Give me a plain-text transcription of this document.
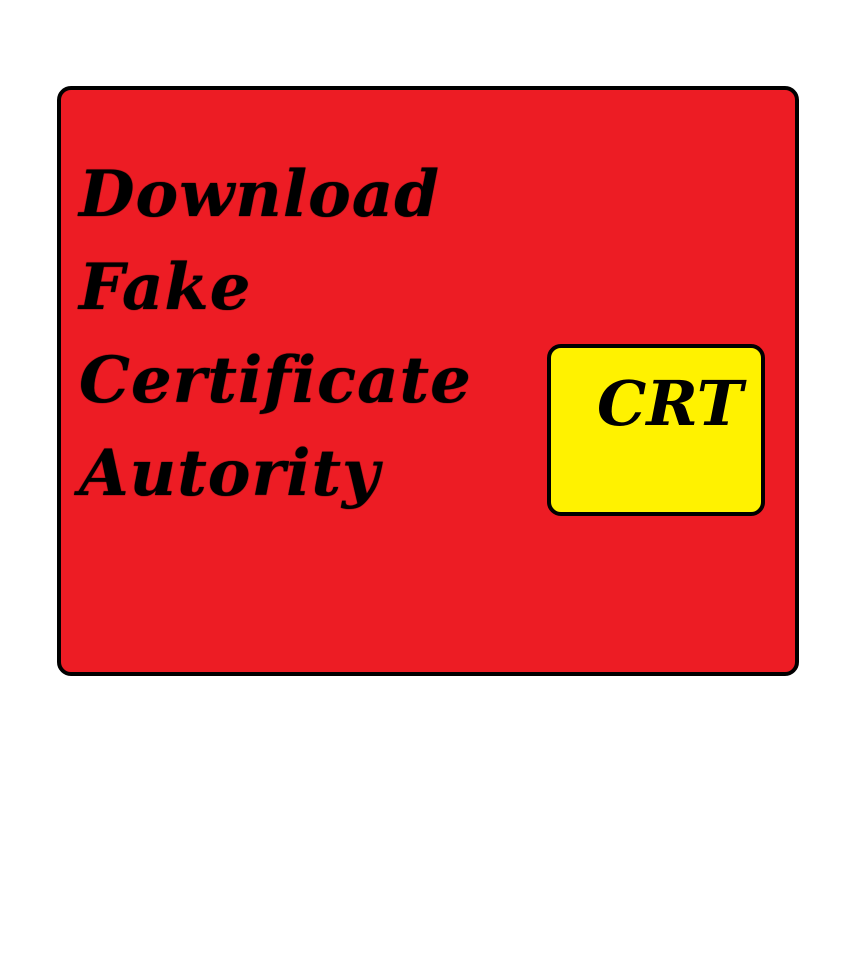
Download
Fake
Certificate
Autority
CRT
